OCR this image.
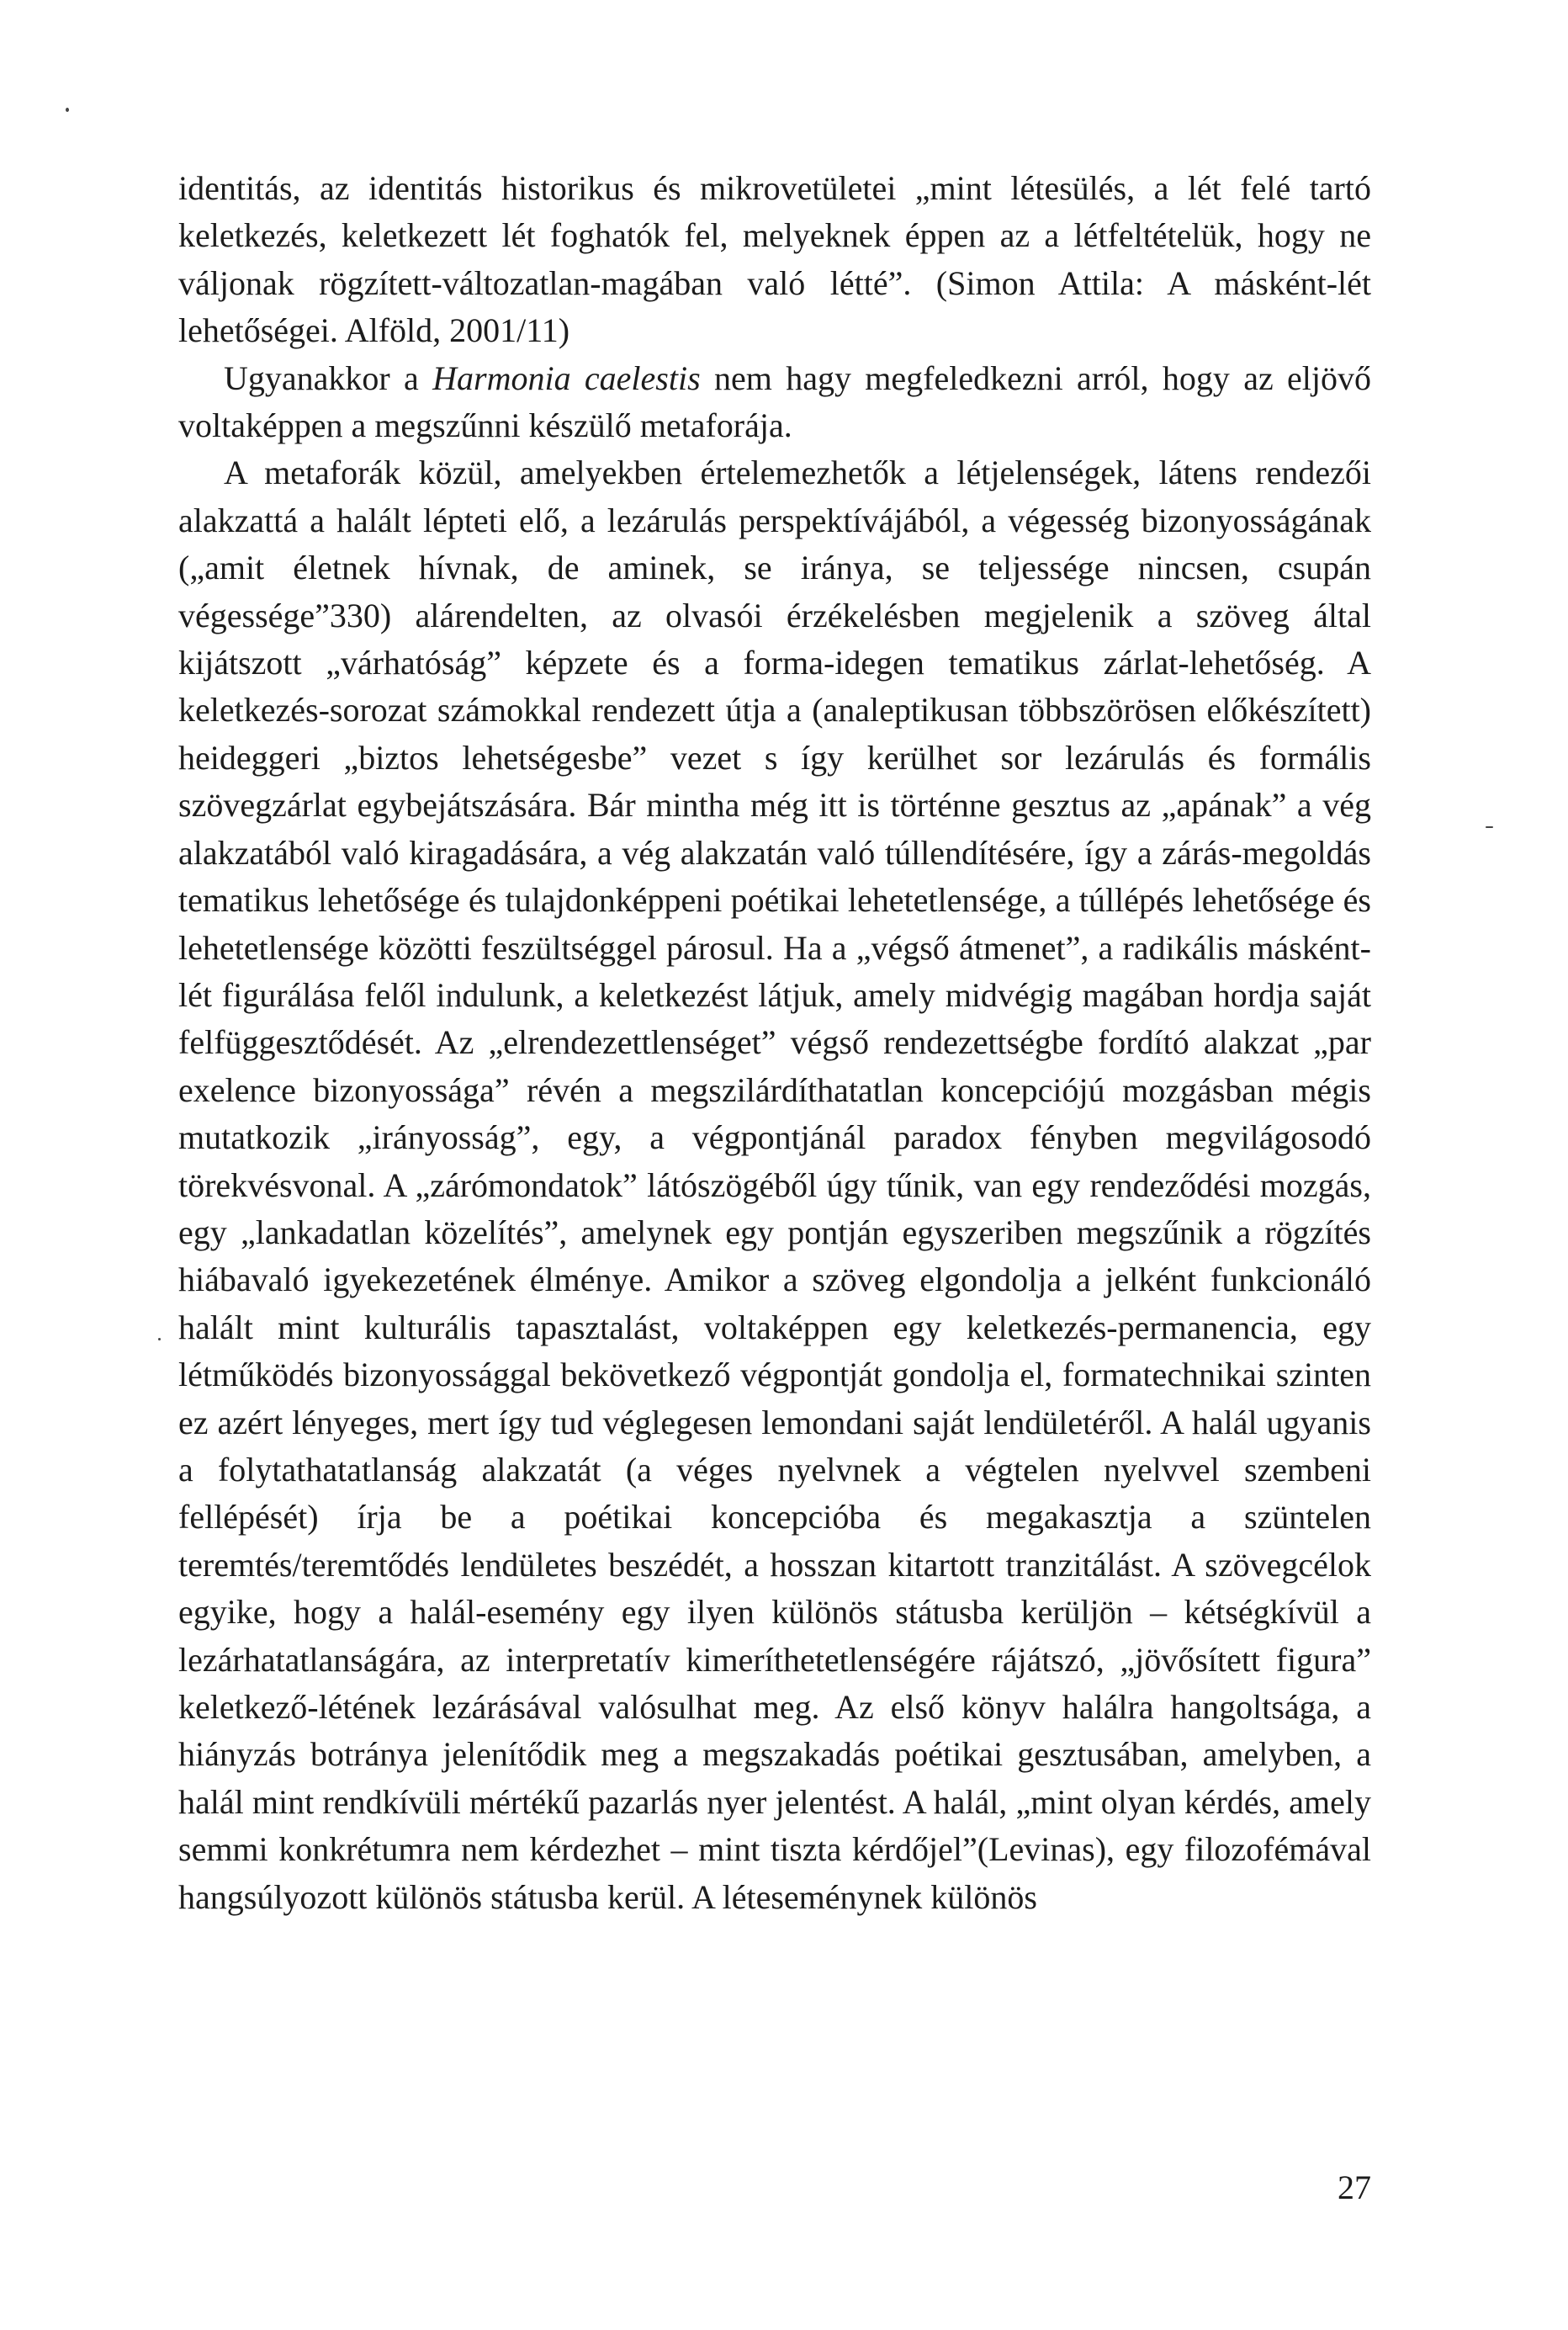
identitás, az identitás historikus és mikrovetületei „mint létesülés, a lét felé tartó keletkezés, keletkezett lét foghatók fel, melyeknek éppen az a létfeltételük, hogy ne váljonak rögzített-változatlan-magában való létté”. (Simon Attila: A másként-lét lehetőségei. Alföld, 2001/11)

Ugyanakkor a Harmonia caelestis nem hagy megfeledkezni arról, hogy az eljövő voltaképpen a megszűnni készülő metaforája.

A metaforák közül, amelyekben értelemezhetők a létjelenségek, látens rendezői alakzattá a halált lépteti elő, a lezárulás perspektívájából, a végesség bizonyosságának („amit életnek hívnak, de aminek, se iránya, se teljessége nincsen, csupán végessége”330) alárendelten, az olvasói érzékelésben megjelenik a szöveg által kijátszott „várhatóság” képzete és a forma-idegen tematikus zárlat-lehetőség. A keletkezés-sorozat számokkal rendezett útja a (analeptikusan többszörösen előkészített) heideggeri „biztos lehetségesbe” vezet s így kerülhet sor lezárulás és formális szövegzárlat egybejátszására. Bár mintha még itt is történne gesztus az „apának” a vég alakzatából való kiragadására, a vég alakzatán való túllendítésére, így a zárás-megoldás tematikus lehetősége és tulajdonképpeni poétikai lehetetlensége, a túllépés lehetősége és lehetetlensége közötti feszültséggel párosul. Ha a „végső átmenet”, a radikális másként-lét figurálása felől indulunk, a keletkezést látjuk, amely midvégig magában hordja saját felfüggesztődését. Az „elrendezettlenséget” végső rendezettségbe fordító alakzat „par exelence bizonyossága” révén a megszilárdíthatatlan koncepciójú mozgásban mégis mutatkozik „irányosság”, egy, a végpontjánál paradox fényben megvilágosodó törekvésvonal. A „zárómondatok” látószögéből úgy tűnik, van egy rendeződési mozgás, egy „lankadatlan közelítés”, amelynek egy pontján egyszeriben megszűnik a rögzítés hiábavaló igyekezetének élménye. Amikor a szöveg elgondolja a jelként funkcionáló halált mint kulturális tapasztalást, voltaképpen egy keletkezés-permanencia, egy létműködés bizonyossággal bekövetkező végpontját gondolja el, formatechnikai szinten ez azért lényeges, mert így tud véglegesen lemondani saját lendületéről. A halál ugyanis a folytathatatlanság alakzatát (a véges nyelvnek a végtelen nyelvvel szembeni fellépését) írja be a poétikai koncepcióba és megakasztja a szüntelen teremtés/teremtődés lendületes beszédét, a hosszan kitartott tranzitálást. A szövegcélok egyike, hogy a halál-esemény egy ilyen különös státusba kerüljön – kétségkívül a lezárhatatlanságára, az interpretatív kimeríthetetlenségére rájátszó, „jövősített figura” keletkező-létének lezárásával valósulhat meg. Az első könyv halálra hangoltsága, a hiányzás botránya jelenítődik meg a megszakadás poétikai gesztusában, amelyben, a halál mint rendkívüli mértékű pazarlás nyer jelentést. A halál, „mint olyan kérdés, amely semmi konkrétumra nem kérdezhet – mint tiszta kérdőjel”(Levinas), egy filozofémával hangsúlyozott különös státusba kerül. A léteseménynek különös

27
